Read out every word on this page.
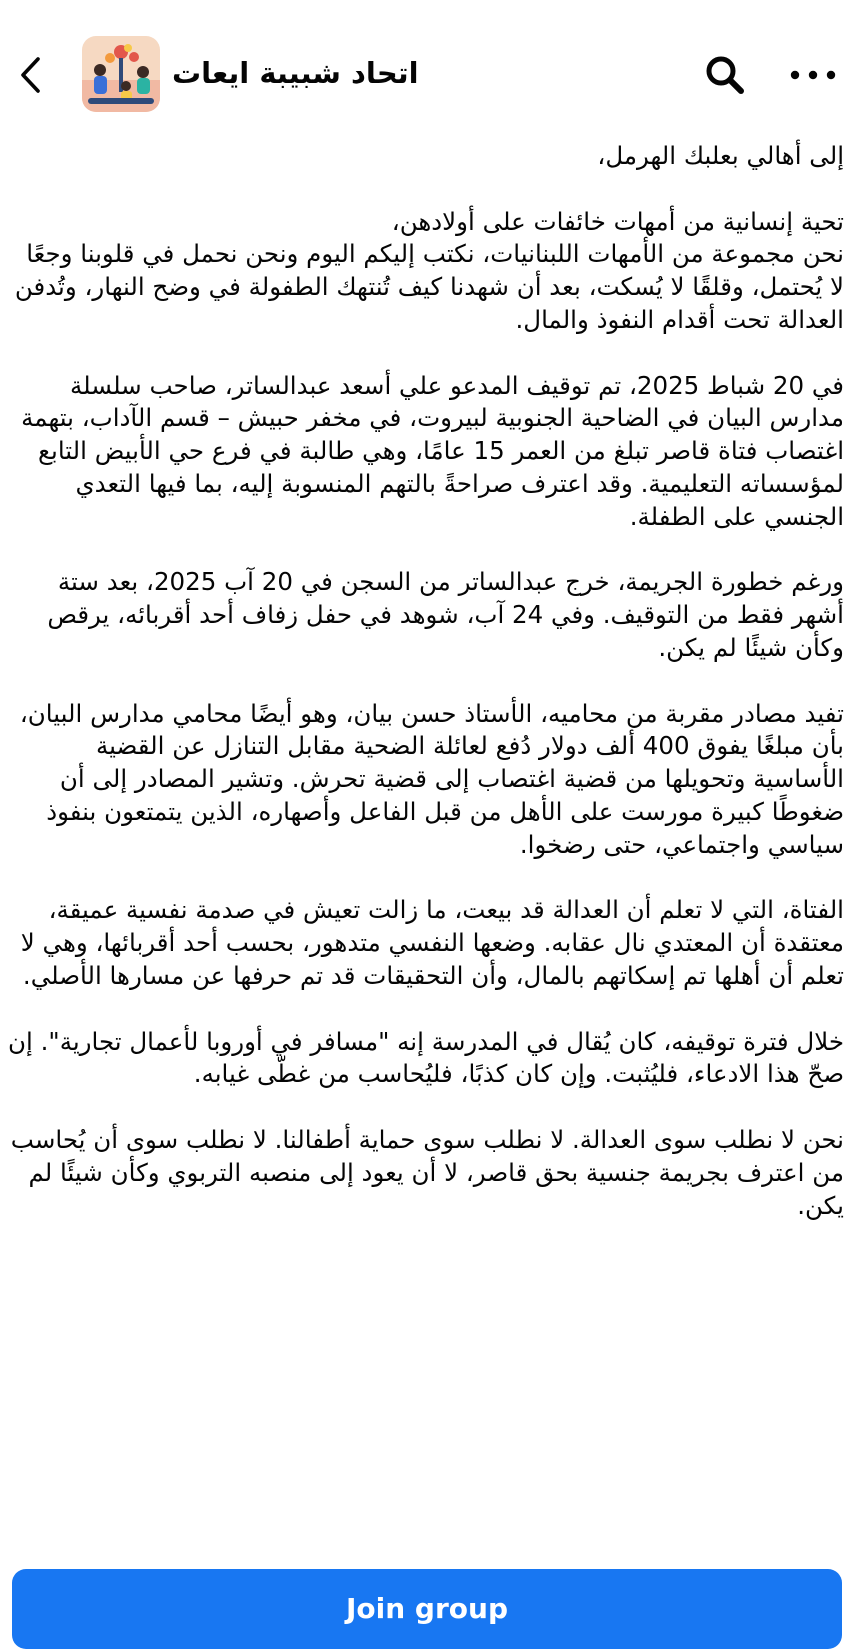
اتحاد شبيبة ايعات

إلى أهالي بعلبك الهرمل،

تحية إنسانية من أمهات خائفات على أولادهن،
نحن مجموعة من الأمهات اللبنانيات، نكتب إليكم اليوم ونحن نحمل في قلوبنا وجعًا لا يُحتمل، وقلقًا لا يُسكت، بعد أن شهدنا كيف تُنتهك الطفولة في وضح النهار، وتُدفن العدالة تحت أقدام النفوذ والمال.

في 20 شباط 2025، تم توقيف المدعو علي أسعد عبدالساتر، صاحب سلسلة مدارس البيان في الضاحية الجنوبية لبيروت، في مخفر حبيش – قسم الآداب، بتهمة اغتصاب فتاة قاصر تبلغ من العمر 15 عامًا، وهي طالبة في فرع حي الأبيض التابع لمؤسساته التعليمية. وقد اعترف صراحةً بالتهم المنسوبة إليه، بما فيها التعدي الجنسي على الطفلة.

ورغم خطورة الجريمة، خرج عبدالساتر من السجن في 20 آب 2025، بعد ستة أشهر فقط من التوقيف. وفي 24 آب، شوهد في حفل زفاف أحد أقربائه، يرقص وكأن شيئًا لم يكن.

تفيد مصادر مقربة من محاميه، الأستاذ حسن بيان، وهو أيضًا محامي مدارس البيان، بأن مبلغًا يفوق 400 ألف دولار دُفع لعائلة الضحية مقابل التنازل عن القضية الأساسية وتحويلها من قضية اغتصاب إلى قضية تحرش. وتشير المصادر إلى أن ضغوطًا كبيرة مورست على الأهل من قبل الفاعل وأصهاره، الذين يتمتعون بنفوذ سياسي واجتماعي، حتى رضخوا.

الفتاة، التي لا تعلم أن العدالة قد بيعت، ما زالت تعيش في صدمة نفسية عميقة، معتقدة أن المعتدي نال عقابه. وضعها النفسي متدهور، بحسب أحد أقربائها، وهي لا تعلم أن أهلها تم إسكاتهم بالمال، وأن التحقيقات قد تم حرفها عن مسارها الأصلي.

خلال فترة توقيفه، كان يُقال في المدرسة إنه "مسافر في أوروبا لأعمال تجارية". إن صحّ هذا الادعاء، فليُثبت. وإن كان كذبًا، فليُحاسب من غطّى غيابه.

نحن لا نطلب سوى العدالة. لا نطلب سوى حماية أطفالنا. لا نطلب سوى أن يُحاسب من اعترف بجريمة جنسية بحق قاصر، لا أن يعود إلى منصبه التربوي وكأن شيئًا لم يكن.

Join group
